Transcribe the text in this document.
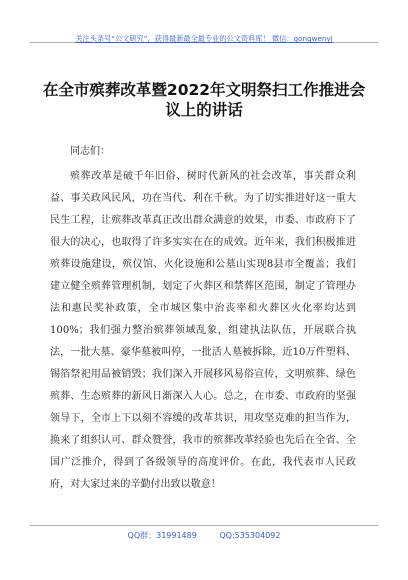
关注头条号“公文研究”，获得最新最全最专业的公文资料库！ 微信：gongwenyj
在全市殡葬改革暨2022年文明祭扫工作推进会议上的讲话

同志们：

殡葬改革是破千年旧俗、树时代新风的社会改革，事关群众利益、事关政风民风，功在当代、利在千秋。为了切实推进好这一重大民生工程，让殡葬改革真正改出群众满意的效果，市委、市政府下了很大的决心，也取得了许多实实在在的成效。近年来，我们积极推进殡葬设施建设，殡仪馆、火化设施和公墓山实现8县市全覆盖；我们建立健全殡葬管理机制，划定了火葬区和禁葬区范围，制定了管理办法和惠民奖补政策，全市城区集中治丧率和火葬区火化率均达到100%；我们强力整治殡葬领域乱象，组建执法队伍，开展联合执法，一批大墓、豪华墓被叫停，一批活人墓被拆除，近10万件塑料、锡箔祭祀用品被销毁；我们深入开展移风易俗宣传，文明殡葬、绿色殡葬、生态殡葬的新风日渐深入人心。总之，在市委、市政府的坚强领导下，全市上下以刻不容缓的改革共识，用攻坚克难的担当作为，换来了组织认可、群众赞誉，我市的殡葬改革经验也先后在全省、全国广泛推介，得到了各级领导的高度评价。在此，我代表市人民政府，对大家过来的辛勤付出致以敬意！

QQ群：31991489	QQ:535304092
